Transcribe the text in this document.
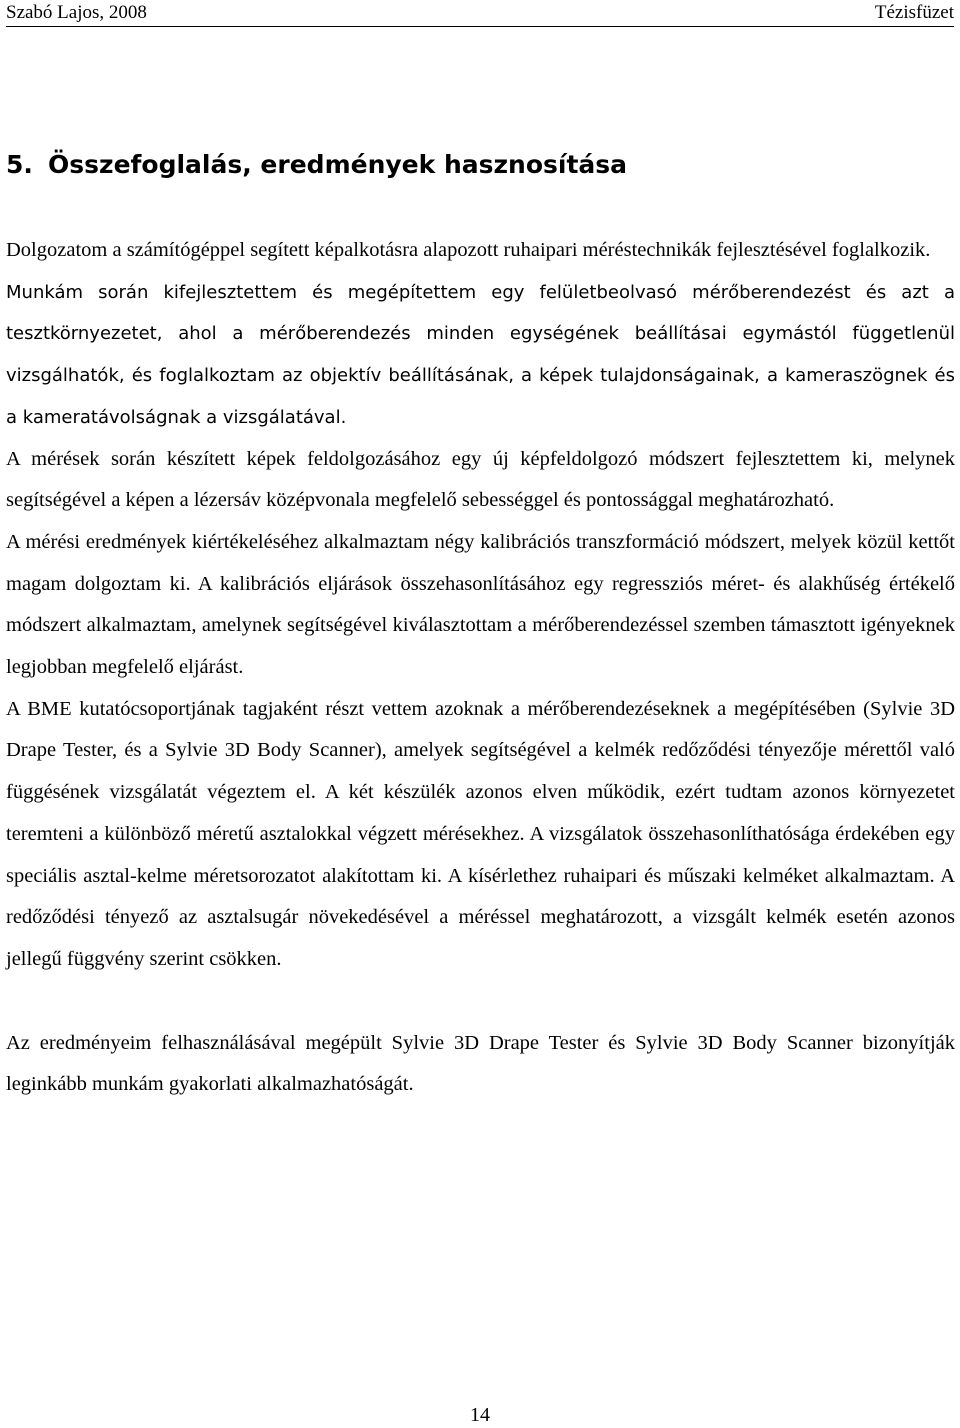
Szabó Lajos, 2008	Tézisfüzet
5. Összefoglalás, eredmények hasznosítása

Dolgozatom a számítógéppel segített képalkotásra alapozott ruhaipari méréstechnikák fejlesztésével foglalkozik.

Munkám során kifejlesztettem és megépítettem egy felületbeolvasó mérőberendezést és azt a tesztkörnyezetet, ahol a mérőberendezés minden egységének beállításai egymástól függetlenül vizsgálhatók, és foglalkoztam az objektív beállításának, a képek tulajdonságainak, a kameraszögnek és a kameratávolságnak a vizsgálatával.

A mérések során készített képek feldolgozásához egy új képfeldolgozó módszert fejlesztettem ki, melynek segítségével a képen a lézersáv középvonala megfelelő sebességgel és pontossággal meghatározható.

A mérési eredmények kiértékeléséhez alkalmaztam négy kalibrációs transzformáció módszert, melyek közül kettőt magam dolgoztam ki. A kalibrációs eljárások összehasonlításához egy regressziós méret- és alakhűség értékelő módszert alkalmaztam, amelynek segítségével kiválasztottam a mérőberendezéssel szemben támasztott igényeknek legjobban megfelelő eljárást.

A BME kutatócsoportjának tagjaként részt vettem azoknak a mérőberendezéseknek a megépítésében (Sylvie 3D Drape Tester, és a Sylvie 3D Body Scanner), amelyek segítségével a kelmék redőződési tényezője mérettől való függésének vizsgálatát végeztem el. A két készülék azonos elven működik, ezért tudtam azonos környezetet teremteni a különböző méretű asztalokkal végzett mérésekhez. A vizsgálatok összehasonlíthatósága érdekében egy speciális asztal-kelme méretsorozatot alakítottam ki. A kísérlethez ruhaipari és műszaki kelméket alkalmaztam. A redőződési tényező az asztalsugár növekedésével a méréssel meghatározott, a vizsgált kelmék esetén azonos jellegű függvény szerint csökken.

Az eredményeim felhasználásával megépült Sylvie 3D Drape Tester és Sylvie 3D Body Scanner bizonyítják leginkább munkám gyakorlati alkalmazhatóságát.

14
